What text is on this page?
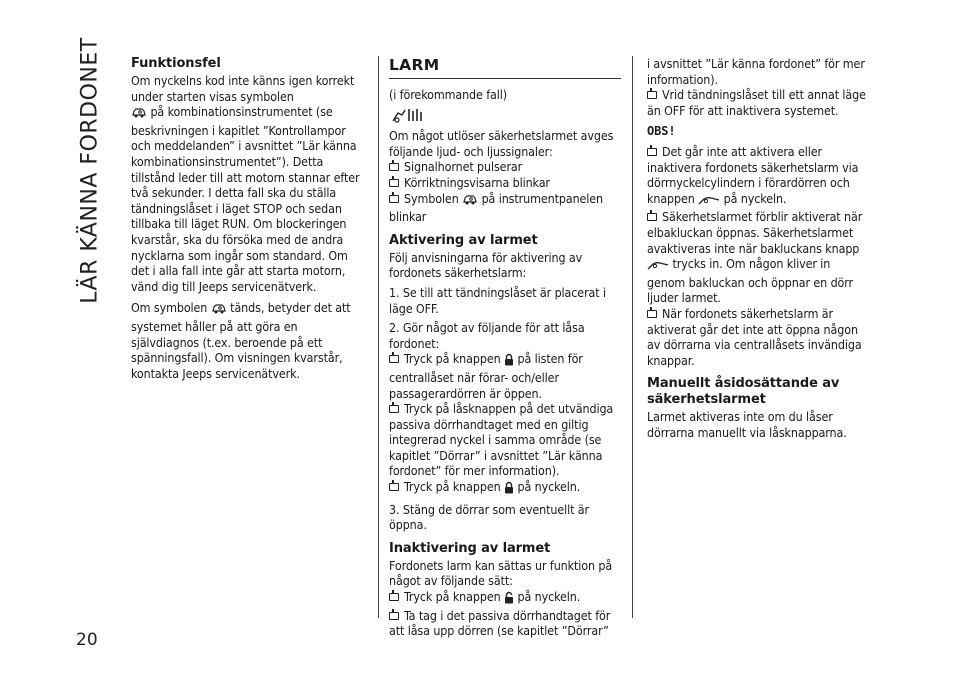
LÄR KÄNNA FORDONET
20
Funktionsfel

Om nyckelns kod inte känns igen korrekt under starten visas symbolen
på kombinationsinstrumentet (se beskrivningen i kapitlet ”Kontrollampor och meddelanden” i avsnittet ”Lär känna kombinationsinstrumentet”). Detta tillstånd leder till att motorn stannar efter två sekunder. I detta fall ska du ställa tändningslåset i läget STOP och sedan tillbaka till läget RUN. Om blockeringen kvarstår, ska du försöka med de andra nycklarna som ingår som standard. Om det i alla fall inte går att starta motorn, vänd dig till Jeeps servicenätverk.

Om symbolen tänds, betyder det att systemet håller på att göra en självdiagnos (t.ex. beroende på ett spänningsfall). Om visningen kvarstår, kontakta Jeeps servicenätverk.

LARM

(i förekommande fall)

Om något utlöser säkerhetslarmet avges följande ljud- och ljussignaler:

Signalhornet pulserar

Körriktningsvisarna blinkar

Symbolen på instrumentpanelen blinkar

Aktivering av larmet

Följ anvisningarna för aktivering av fordonets säkerhetslarm:

1. Se till att tändningslåset är placerat i läge OFF.

2. Gör något av följande för att låsa fordonet:

Tryck på knappen på listen för centrallåset när förar- och/eller passagerardörren är öppen.

Tryck på låsknappen på det utvändiga passiva dörrhandtaget med en giltig integrerad nyckel i samma område (se kapitlet ”Dörrar” i avsnittet ”Lär känna fordonet” för mer information).

Tryck på knappen på nyckeln.

3. Stäng de dörrar som eventuellt är öppna.

Inaktivering av larmet

Fordonets larm kan sättas ur funktion på något av följande sätt:

Tryck på knappen på nyckeln.

Ta tag i det passiva dörrhandtaget för att låsa upp dörren (se kapitlet ”Dörrar”

i avsnittet ”Lär känna fordonet” för mer information).

Vrid tändningslåset till ett annat läge än OFF för att inaktivera systemet.

OBS!

Det går inte att aktivera eller inaktivera fordonets säkerhetslarm via dörrnyckelcylindern i förardörren och knappen på nyckeln.

Säkerhetslarmet förblir aktiverat när elbakluckan öppnas. Säkerhetslarmet avaktiveras inte när bakluckans knapp
trycks in. Om någon kliver in genom bakluckan och öppnar en dörr ljuder larmet.

När fordonets säkerhetslarm är aktiverat går det inte att öppna någon av dörrarna via centrallåsets invändiga knappar.

Manuellt åsidosättande av säkerhetslarmet

Larmet aktiveras inte om du låser dörrarna manuellt via låsknapparna.
